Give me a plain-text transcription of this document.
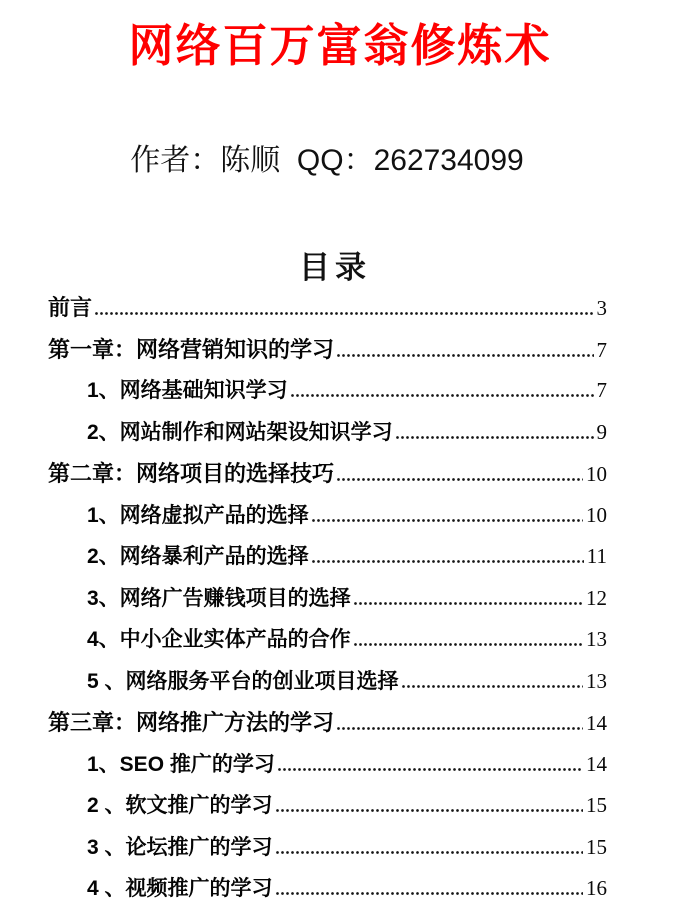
网络百万富翁修炼术
作者：陈顺  QQ：262734099
目录
前言	3
第一章：网络营销知识的学习	7
1、网络基础知识学习	7
2、网站制作和网站架设知识学习	9
第二章：网络项目的选择技巧	10
1、网络虚拟产品的选择	10
2、网络暴利产品的选择	11
3、网络广告赚钱项目的选择	12
4、中小企业实体产品的合作	13
5 、网络服务平台的创业项目选择	13
第三章：网络推广方法的学习	14
1、SEO 推广的学习	14
2 、软文推广的学习	15
3 、论坛推广的学习	15
4 、视频推广的学习	16
